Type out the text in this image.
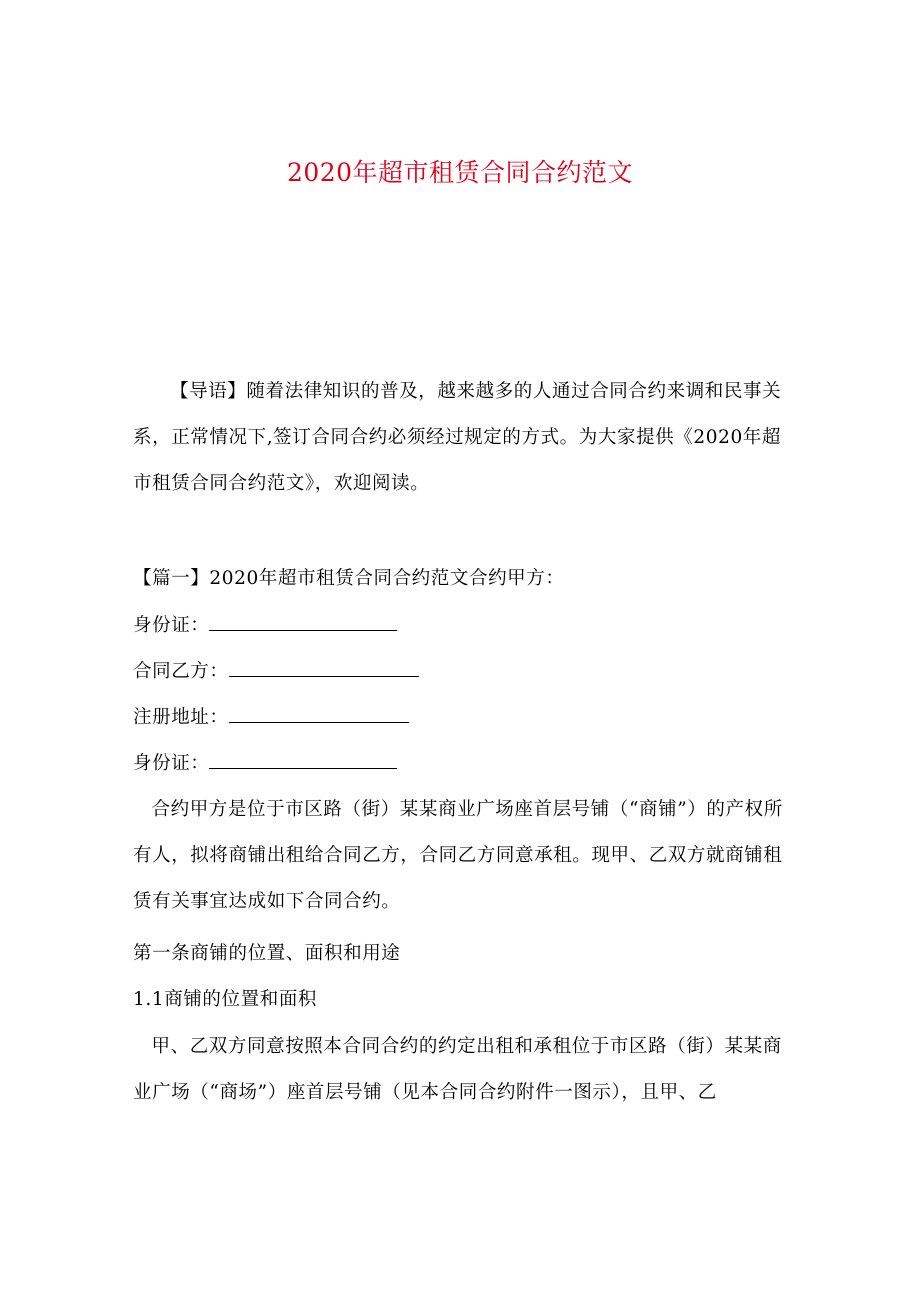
2020年超市租赁合同合约范文

【导语】随着法律知识的普及，越来越多的人通过合同合约来调和民事关系，正常情况下,签订合同合约必须经过规定的方式。为大家提供《2020年超市租赁合同合约范文》，欢迎阅读。

【篇一】2020年超市租赁合同合约范文合约甲方：
身份证：
合同乙方：
注册地址：
身份证：

合约甲方是位于市区路（街）某某商业广场座首层号铺（“商铺”）的产权所有人，拟将商铺出租给合同乙方，合同乙方同意承租。现甲、乙双方就商铺租赁有关事宜达成如下合同合约。

第一条商铺的位置、面积和用途
1.1商铺的位置和面积

甲、乙双方同意按照本合同合约的约定出租和承租位于市区路（街）某某商业广场（“商场”）座首层号铺（见本合同合约附件一图示），且甲、乙
